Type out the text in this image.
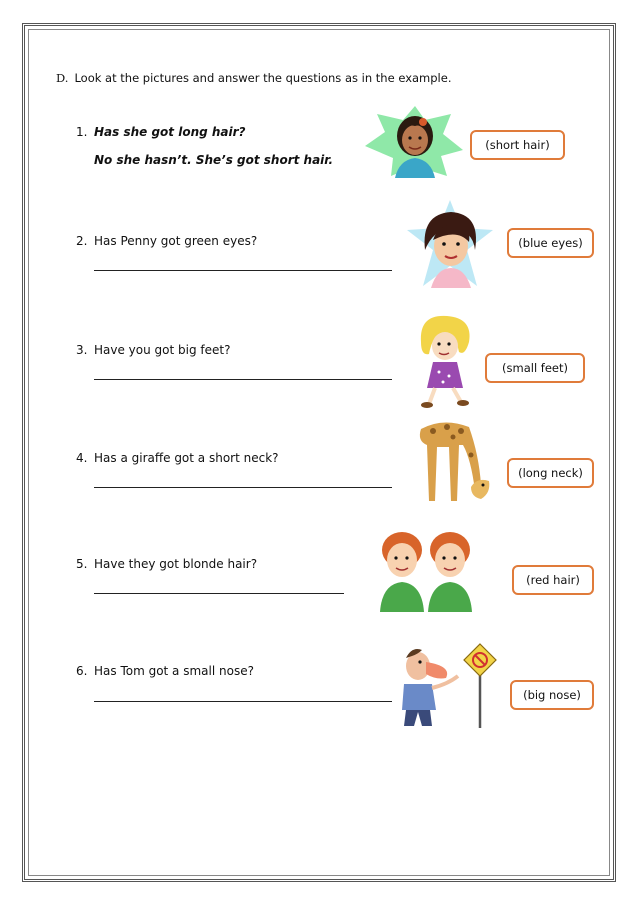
D. Look at the pictures and answer the questions as in the example.
1. Has she got long hair?
No she hasn’t. She’s got short hair.
(short hair)
2. Has Penny got green eyes?	(blue eyes)
3. Have you got big feet?
(small feet)
4. Has a giraffe got a short neck?
(long neck)
5. Have they got blonde hair?
(red hair)
6. Has Tom got a small nose?
(big nose)
